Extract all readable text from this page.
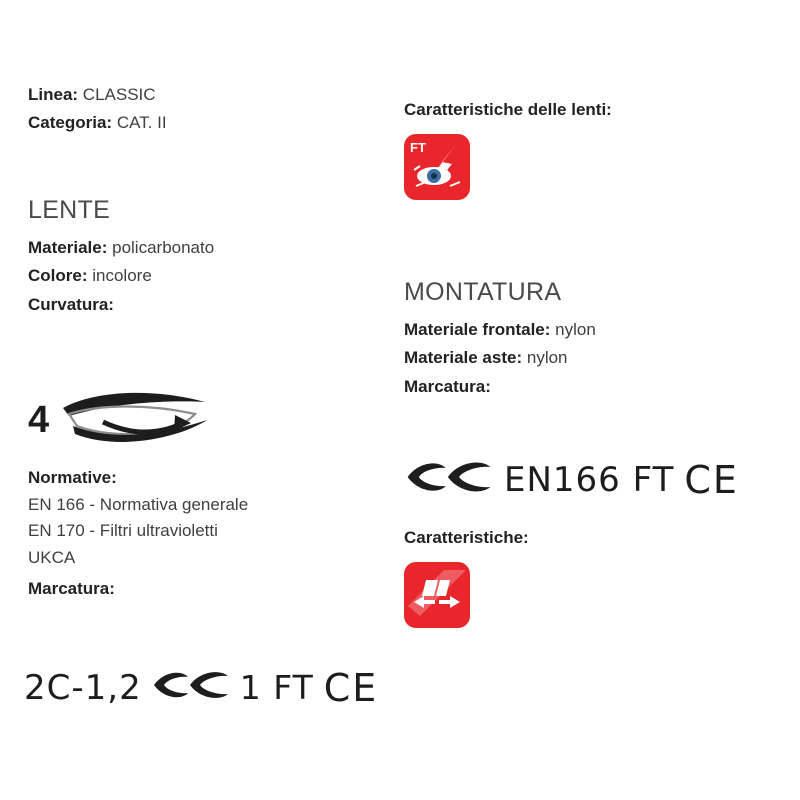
Linea: CLASSIC

Categoria: CAT. II

LENTE

Materiale: policarbonato

Colore: incolore

Curvatura:

4

Normative:

EN 166 - Normativa generale

EN 170 - Filtri ultravioletti

UKCA

Marcatura:

2C-1,2	1 FT CE

Caratteristiche delle lenti:

FT
MONTATURA

Materiale frontale: nylon

Materiale aste: nylon

Marcatura:

EN166 FT CE

Caratteristiche:
